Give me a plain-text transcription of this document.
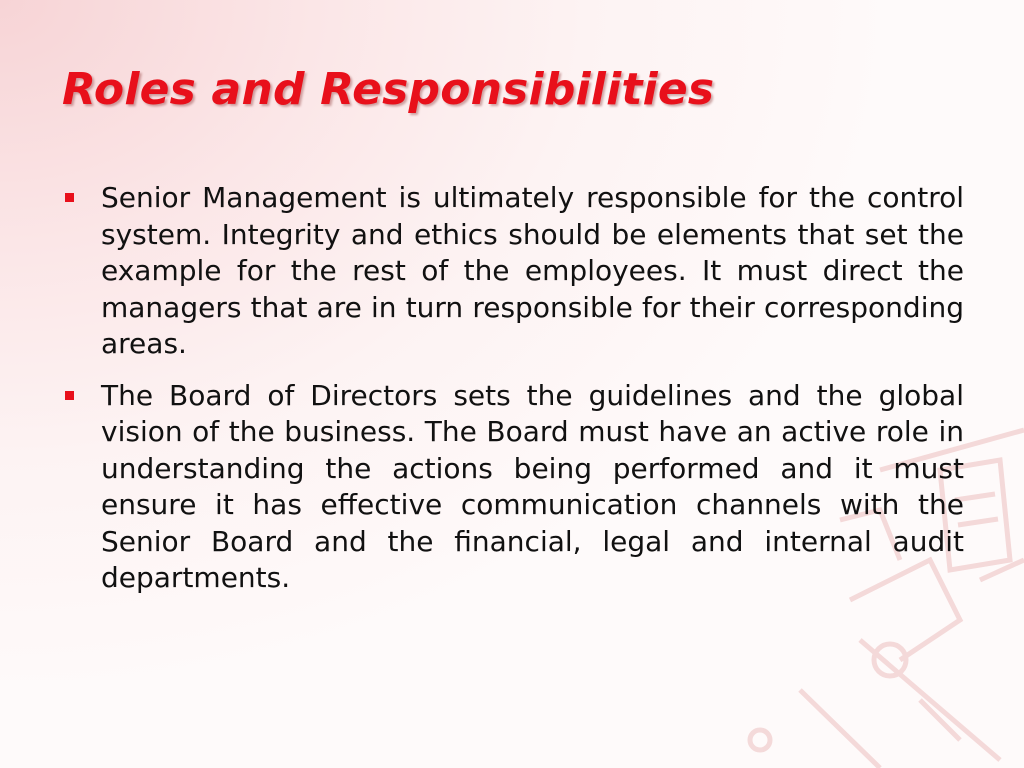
Roles and Responsibilities
Senior Management is ultimately responsible for the control system. Integrity and ethics should be elements that set the example for the rest of the employees. It must direct the managers that are in turn responsible for their corresponding areas.
The Board of Directors sets the guidelines and the global vision of the business. The Board must have an active role in understanding the actions being performed and it must ensure it has effective communication channels with the Senior Board and the financial, legal and internal audit departments.
